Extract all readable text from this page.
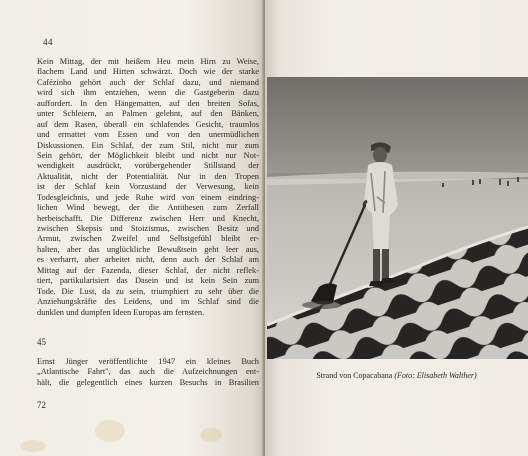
44
Kein Mittag, der mit heißem Heu mein Hirn zu Weise,
flachem Land und Hirten schwärzt. Doch wie der starke
Cafézinho gehört auch der Schlaf dazu, und niemand
wird sich ihm entziehen, wenn die Gastgeberin dazu
auffordert. In den Hängematten, auf den breiten Sofas,
unter Schleiern, an Palmen gelehnt, auf den Bänken,
auf dem Rasen, überall ein schlafendes Gesicht, traumlos
und ermattet vom Essen und von den unermüdlichen
Diskussionen. Ein Schlaf, der zum Stil, nicht nur zum
Sein gehört, der Möglichkeit bleibt und nicht nur Not-
wendigkeit ausdrückt, vorübergehender Stillstand der
Aktualität, nicht der Potentialität. Nur in den Tropen
ist der Schlaf kein Vorzustand der Verwesung, kein
Todesgleichnis, und jede Ruhe wird von einem eindring-
lichen Wind bewegt, der die Antithesen zum Zerfall
herbeischafft. Die Differenz zwischen Herr und Knecht,
zwischen Skepsis und Stoizismus, zwischen Besitz und
Armut, zwischen Zweifel und Selbstgefühl bleibt er-
halten, aber das unglückliche Bewußtsein geht leer aus,
es verharrt, aber arbeitet nicht, denn auch der Schlaf am
Mittag auf der Fazenda, dieser Schlaf, der nicht reflek-
tiert, partikularisiert das Dasein und ist kein Sein zum
Tode. Die Lust, da zu sein, triumphiert zu sehr über die
Anziehungskräfte des Leidens, und im Schlaf sind die
dunklen und dumpfen Ideen Europas am fernsten.
45
Ernst Jünger veröffentlichte 1947 ein kleines Buch
„Atlantische Fahrt", das auch die Aufzeichnungen ent-
hält, die gelegentlich eines kurzen Besuchs in Brasilien
72
Strand von Copacabana (Foto: Elisabeth Walther)
